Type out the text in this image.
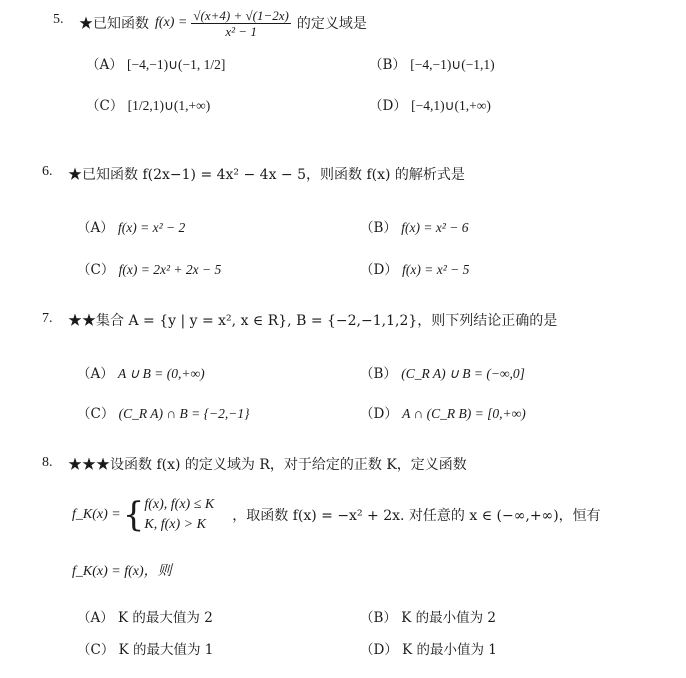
5. ★已知函数 $f(x) = \frac{√(x+4) + √(1-2x)}{\text{x² − 1}}$ 的定义域是
（A） [−4,−1)∪(−1, 1/2]	（B） [−4,−1)∪(−1,1)
（C） [1/2,1)∪(1,+∞)	（D） [−4,1)∪(1,+∞)
6. ★已知函数 f(2x−1) = 4x² − 4x − 5，则函数 f(x) 的解析式是
（A） f(x) = x² − 2	（B） f(x) = x² − 6
（C） f(x) = 2x² + 2x − 5	（D） f(x) = x² − 5
7. ★★集合 A = {y | y = x², x ∈ R}, B = {−2,−1,1,2}，则下列结论正确的是
（A） A ∪ B = (0,+∞)	（B） (C_R A) ∪ B = (−∞,0]
（C） (C_R A) ∩ B = {−2,−1}	（D） A ∩ (C_R B) = [0,+∞)
8. ★★★设函数 f(x) 的定义域为 R，对于给定的正数 K，定义函数
f_K(x) = { f(x), f(x) ≤ K
K, f(x) > K
，取函数 f(x) = −x² + 2x. 对任意的 x ∈ (−∞,+∞)，恒有
f_K(x) = f(x)，则
（A） K 的最大值为 2	（B） K 的最小值为 2
（C） K 的最大值为 1	（D） K 的最小值为 1
